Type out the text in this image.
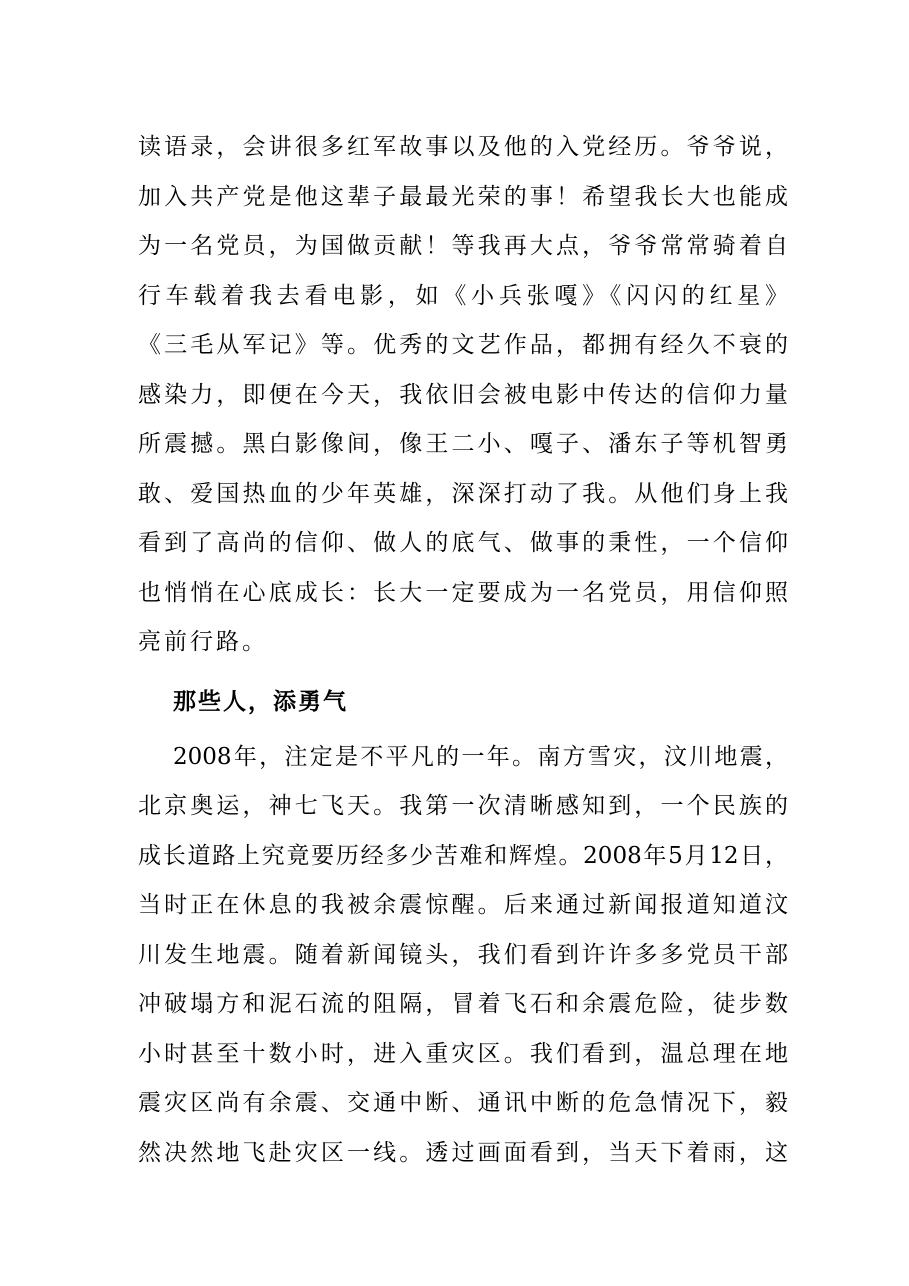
读语录，会讲很多红军故事以及他的入党经历。爷爷说，
加入共产党是他这辈子最最光荣的事！希望我长大也能成
为一名党员，为国做贡献！等我再大点，爷爷常常骑着自
行车载着我去看电影，如《小兵张嘎》《闪闪的红星》
《三毛从军记》等。优秀的文艺作品，都拥有经久不衰的
感染力，即便在今天，我依旧会被电影中传达的信仰力量
所震撼。黑白影像间，像王二小、嘎子、潘东子等机智勇
敢、爱国热血的少年英雄，深深打动了我。从他们身上我
看到了高尚的信仰、做人的底气、做事的秉性，一个信仰
也悄悄在心底成长：长大一定要成为一名党员，用信仰照
亮前行路。
那些人，添勇气
2008年，注定是不平凡的一年。南方雪灾，汶川地震，
北京奥运，神七飞天。我第一次清晰感知到，一个民族的
成长道路上究竟要历经多少苦难和辉煌。2008年5月12日，
当时正在休息的我被余震惊醒。后来通过新闻报道知道汶
川发生地震。随着新闻镜头，我们看到许许多多党员干部
冲破塌方和泥石流的阻隔，冒着飞石和余震危险，徒步数
小时甚至十数小时，进入重灾区。我们看到，温总理在地
震灾区尚有余震、交通中断、通讯中断的危急情况下，毅
然决然地飞赴灾区一线。透过画面看到，当天下着雨，这
